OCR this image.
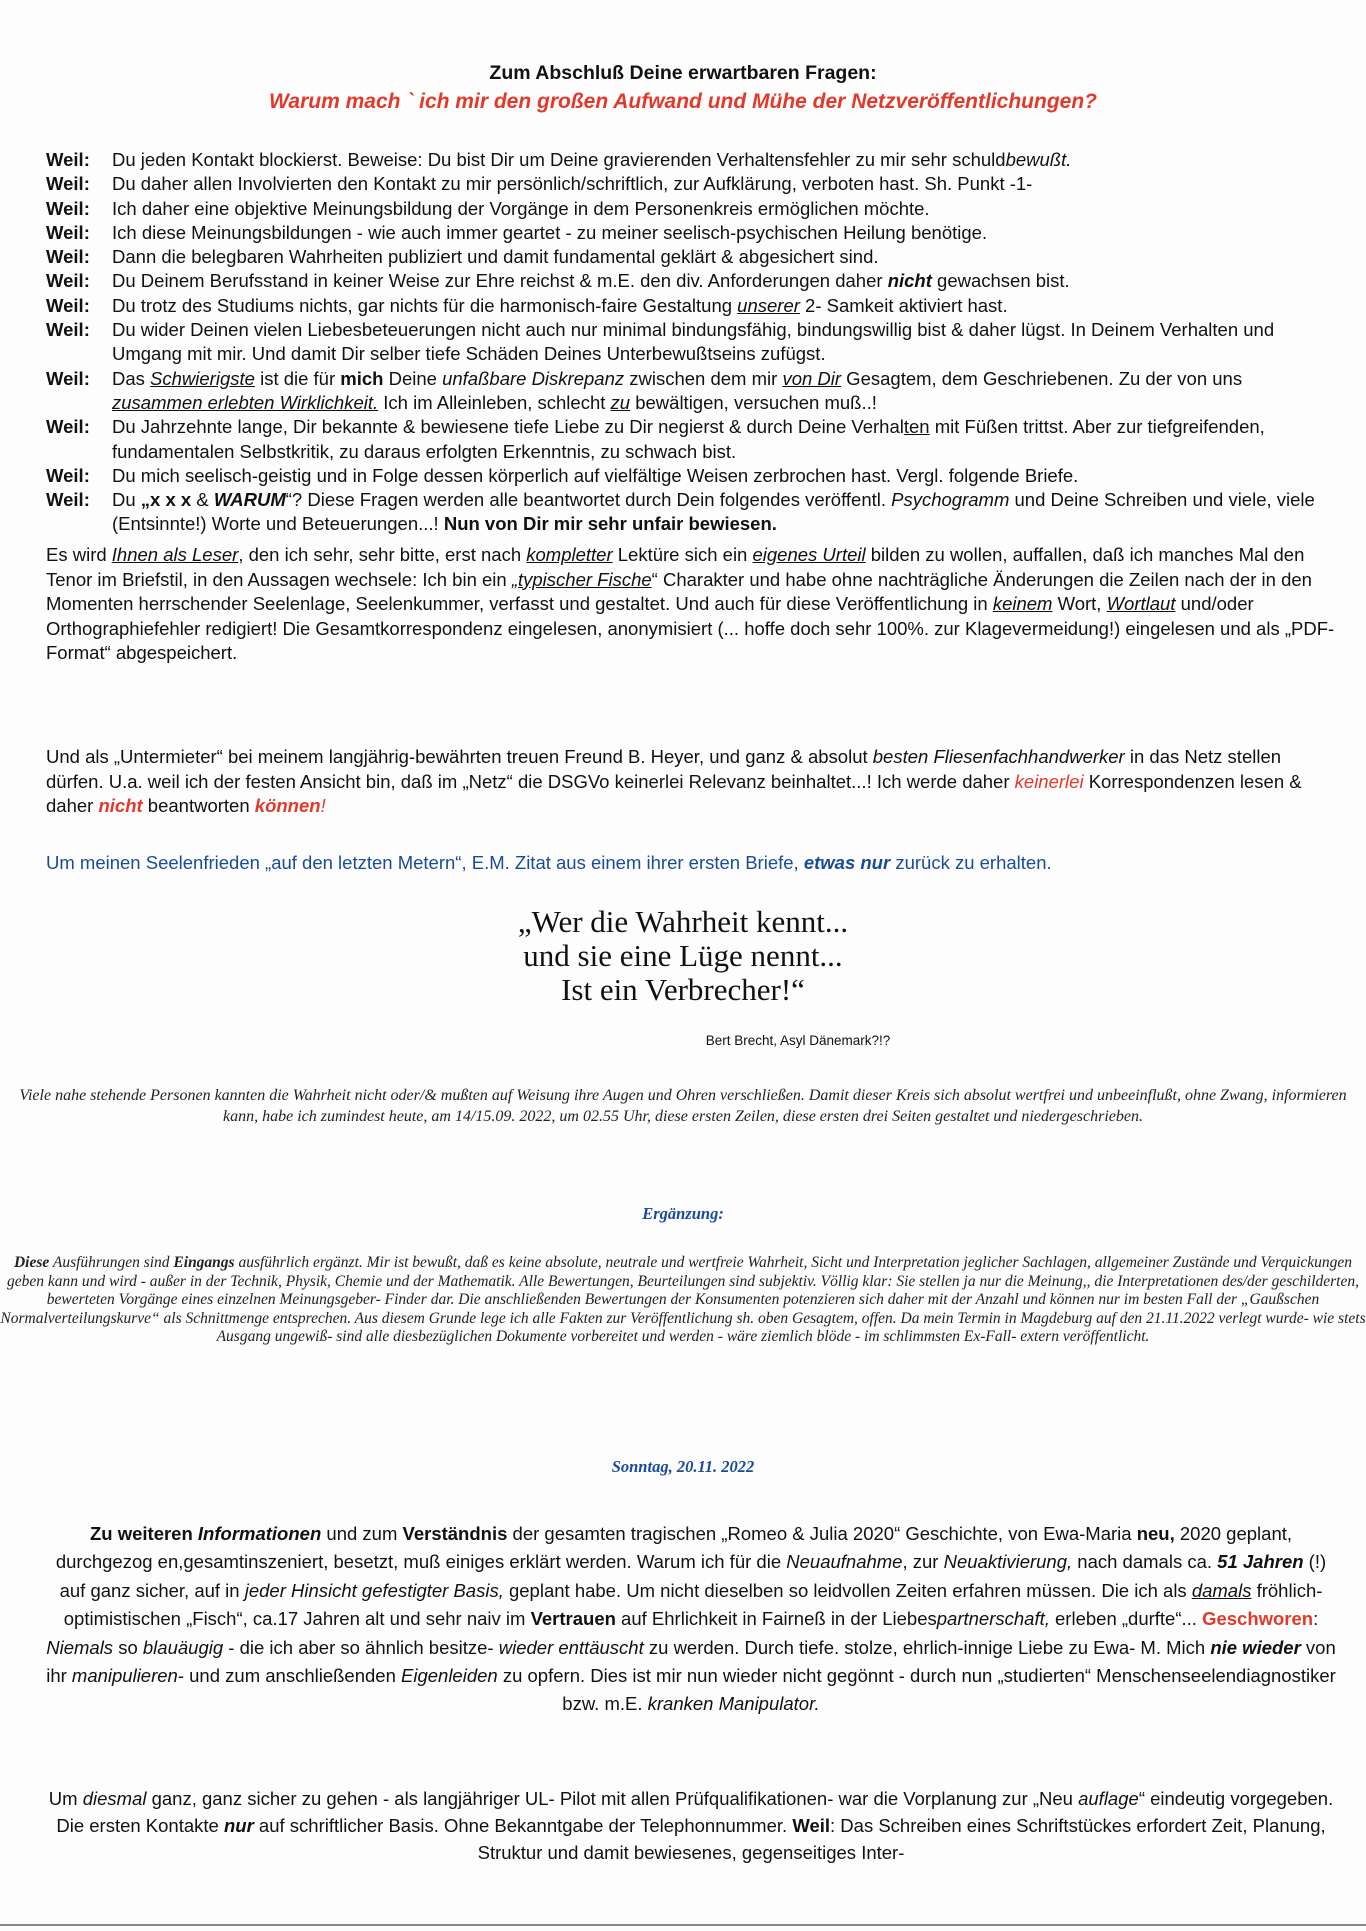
Zum Abschluß Deine erwartbaren Fragen:
Warum mach ` ich mir den großen Aufwand und Mühe der Netzveröffentlichungen?
Weil:	Du jeden Kontakt blockierst. Beweise: Du bist Dir um Deine gravierenden Verhaltensfehler zu mir sehr schuldbewußt.
Weil:	Du daher allen Involvierten den Kontakt zu mir persönlich/schriftlich, zur Aufklärung, verboten hast. Sh. Punkt -1-
Weil:	Ich daher eine objektive Meinungsbildung der Vorgänge in dem Personenkreis ermöglichen möchte.
Weil:	Ich diese Meinungsbildungen - wie auch immer geartet - zu meiner seelisch-psychischen Heilung benötige.
Weil:	Dann die belegbaren Wahrheiten publiziert und damit fundamental geklärt & abgesichert sind.
Weil:	Du Deinem Berufsstand in keiner Weise zur Ehre reichst & m.E. den div. Anforderungen daher nicht gewachsen bist.
Weil:	Du trotz des Studiums nichts, gar nichts für die harmonisch-faire Gestaltung unserer 2- Samkeit aktiviert hast.
Weil:	Du wider Deinen vielen Liebesbeteuerungen nicht auch nur minimal bindungsfähig, bindungswillig bist & daher lügst. In Deinem Verhalten und Umgang mit mir. Und damit Dir selber tiefe Schäden Deines Unterbewußtseins zufügst.
Weil:	Das Schwierigste ist die für mich Deine unfaßbare Diskrepanz zwischen dem mir von Dir Gesagtem, dem Geschriebenen. Zu der von uns zusammen erlebten Wirklichkeit. Ich im Alleinleben, schlecht zu bewältigen, versuchen muß..!
Weil:	Du Jahrzehnte lange, Dir bekannte & bewiesene tiefe Liebe zu Dir negierst & durch Deine Verhalten mit Füßen trittst. Aber zur tiefgreifenden, fundamentalen Selbstkritik, zu daraus erfolgten Erkenntnis, zu schwach bist.
Weil:	Du mich seelisch-geistig und in Folge dessen körperlich auf vielfältige Weisen zerbrochen hast. Vergl. folgende Briefe.
Weil:	Du „x x x & WARUM“? Diese Fragen werden alle beantwortet durch Dein folgendes veröffentl. Psychogramm und Deine Schreiben und viele, viele (Entsinnte!) Worte und Beteuerungen...! Nun von Dir mir sehr unfair bewiesen.
Es wird Ihnen als Leser, den ich sehr, sehr bitte, erst nach kompletter Lektüre sich ein eigenes Urteil bilden zu wollen, auffallen, daß ich manches Mal den Tenor im Briefstil, in den Aussagen wechsele: Ich bin ein „typischer Fische“ Charakter und habe ohne nachträgliche Änderungen die Zeilen nach der in den Momenten herrschender Seelenlage, Seelenkummer, verfasst und gestaltet. Und auch für diese Veröffentlichung in keinem Wort, Wortlaut und/oder Orthographiefehler redigiert! Die Gesamtkorrespondenz eingelesen, anonymisiert (... hoffe doch sehr 100%. zur Klagevermeidung!) eingelesen und als „PDF-Format“ abgespeichert.
Und als „Untermieter“ bei meinem langjährig-bewährten treuen Freund B. Heyer, und ganz & absolut besten Fliesenfachhandwerker in das Netz stellen dürfen. U.a. weil ich der festen Ansicht bin, daß im „Netz“ die DSGVo keinerlei Relevanz beinhaltet...! Ich werde daher keinerlei Korrespondenzen lesen & daher nicht beantworten können!
Um meinen Seelenfrieden „auf den letzten Metern“, E.M. Zitat aus einem ihrer ersten Briefe, etwas nur zurück zu erhalten.
„Wer die Wahrheit kennt...
und sie eine Lüge nennt...
Ist ein Verbrecher!“
Bert Brecht, Asyl Dänemark?!?
Viele nahe stehende Personen kannten die Wahrheit nicht oder/& mußten auf Weisung ihre Augen und Ohren verschließen. Damit dieser Kreis sich absolut wertfrei und unbeeinflußt, ohne Zwang, informieren kann, habe ich zumindest heute, am 14/15.09. 2022, um 02.55 Uhr, diese ersten Zeilen, diese ersten drei Seiten gestaltet und niedergeschrieben.
Ergänzung:
Diese Ausführungen sind Eingangs ausführlich ergänzt. Mir ist bewußt, daß es keine absolute, neutrale und wertfreie Wahrheit, Sicht und Interpretation jeglicher Sachlagen, allgemeiner Zustände und Verquickungen geben kann und wird - außer in der Technik, Physik, Chemie und der Mathematik. Alle Bewertungen, Beurteilungen sind subjektiv. Völlig klar: Sie stellen ja nur die Meinung,, die Interpretationen des/der geschilderten, bewerteten Vorgänge eines einzelnen Meinungsgeber- Finder dar. Die anschließenden Bewertungen der Konsumenten potenzieren sich daher mit der Anzahl und können nur im besten Fall der „Gaußschen Normalverteilungskurve“ als Schnittmenge entsprechen. Aus diesem Grunde lege ich alle Fakten zur Veröffentlichung sh. oben Gesagtem, offen. Da mein Termin in Magdeburg auf den 21.11.2022 verlegt wurde- wie stets Ausgang ungewiß- sind alle diesbezüglichen Dokumente vorbereitet und werden - wäre ziemlich blöde - im schlimmsten Ex-Fall- extern veröffentlicht.
Sonntag, 20.11. 2022
Zu weiteren Informationen und zum Verständnis der gesamten tragischen „Romeo & Julia 2020“ Geschichte, von Ewa-Maria neu, 2020 geplant, durchgezog en,gesamtinszeniert, besetzt, muß einiges erklärt werden. Warum ich für die Neuaufnahme, zur Neuaktivierung, nach damals ca. 51 Jahren (!) auf ganz sicher, auf in jeder Hinsicht gefestigter Basis, geplant habe. Um nicht dieselben so leidvollen Zeiten erfahren müssen. Die ich als damals fröhlich-optimistischen „Fisch“, ca.17 Jahren alt und sehr naiv im Vertrauen auf Ehrlichkeit in Fairneß in der Liebespartnerschaft, erleben „durfte“... Geschworen: Niemals so blauäugig - die ich aber so ähnlich besitze- wieder enttäuscht zu werden. Durch tiefe. stolze, ehrlich-innige Liebe zu Ewa- M. Mich nie wieder von ihr manipulieren- und zum anschließenden Eigenleiden zu opfern. Dies ist mir nun wieder nicht gegönnt - durch nun „studierten“ Menschenseelendiagnostiker bzw. m.E. kranken Manipulator.
Um diesmal ganz, ganz sicher zu gehen - als langjähriger UL- Pilot mit allen Prüfqualifikationen- war die Vorplanung zur „Neu auflage“ eindeutig vorgegeben. Die ersten Kontakte nur auf schriftlicher Basis. Ohne Bekanntgabe der Telephonnummer. Weil: Das Schreiben eines Schriftstückes erfordert Zeit, Planung, Struktur und damit bewiesenes, gegenseitiges Inter-
